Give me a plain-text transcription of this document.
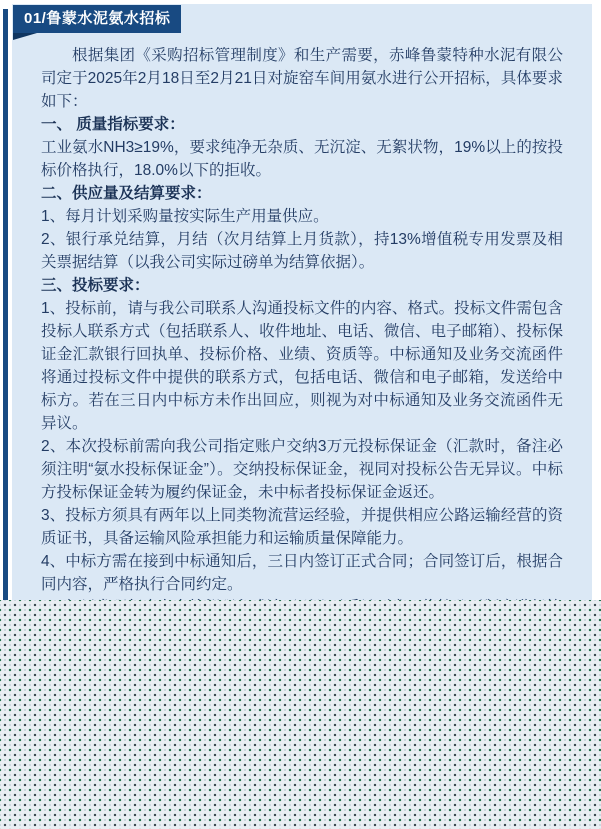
01/鲁蒙水泥氨水招标

根据集团《采购招标管理制度》和生产需要，赤峰鲁蒙特种水泥有限公司定于2025年2月18日至2月21日对旋窑车间用氨水进行公开招标，具体要求如下：

一、 质量指标要求：

工业氨水NH3≥19%，要求纯净无杂质、无沉淀、无絮状物，19%以上的按投标价格执行，18.0%以下的拒收。

二、供应量及结算要求：

1、每月计划采购量按实际生产用量供应。

2、银行承兑结算，月结（次月结算上月货款），持13%增值税专用发票及相关票据结算（以我公司实际过磅单为结算依据）。

三、投标要求：

1、投标前，请与我公司联系人沟通投标文件的内容、格式。投标文件需包含投标人联系方式（包括联系人、收件地址、电话、微信、电子邮箱）、投标保证金汇款银行回执单、投标价格、业绩、资质等。中标通知及业务交流函件将通过投标文件中提供的联系方式，包括电话、微信和电子邮箱，发送给中标方。若在三日内中标方未作出回应，则视为对中标通知及业务交流函件无异议。

2、本次投标前需向我公司指定账户交纳3万元投标保证金（汇款时，备注必须注明“氨水投标保证金”）。交纳投标保证金，视同对投标公告无异议。中标方投标保证金转为履约保证金，未中标者投标保证金返还。

3、投标方须具有两年以上同类物流营运经验，并提供相应公路运输经营的资质证书，具备运输风险承担能力和运输质量保障能力。

4、中标方需在接到中标通知后，三日内签订正式合同；合同签订后，根据合同内容，严格执行合同约定。
